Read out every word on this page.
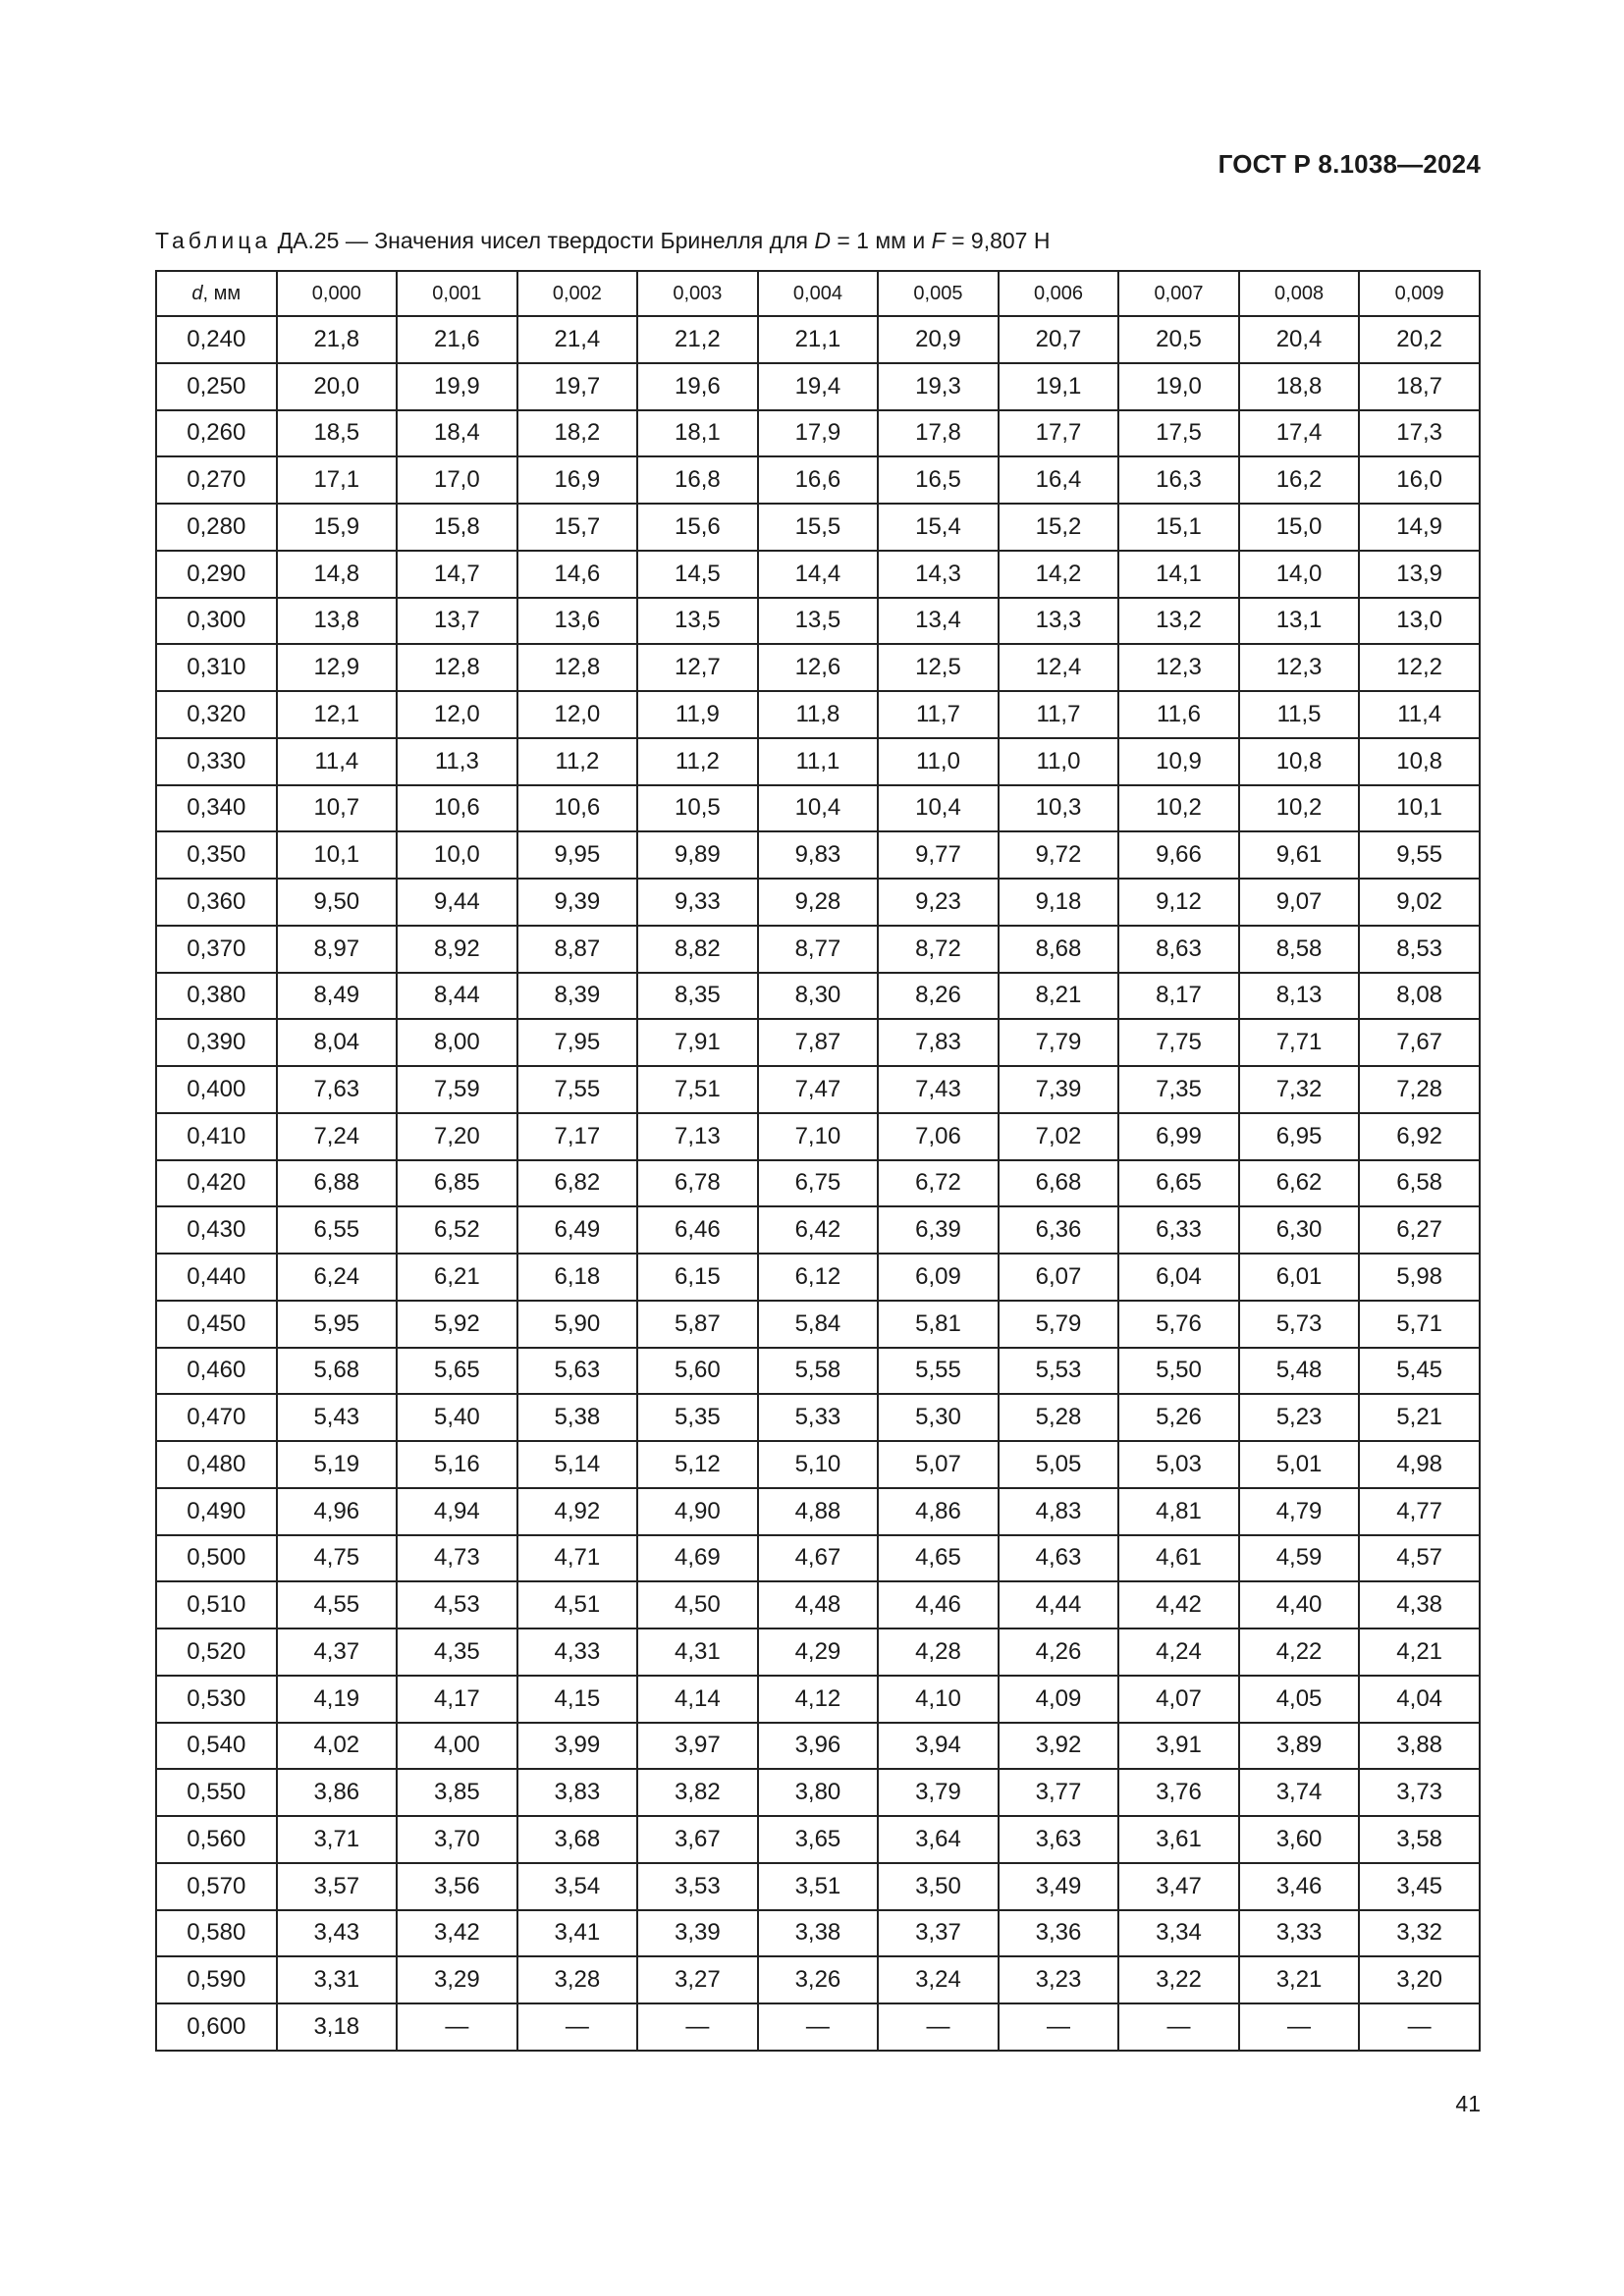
ГОСТ Р 8.1038—2024
Таблица ДА.25 — Значения чисел твердости Бринелля для D = 1 мм и F = 9,807 Н
d, мм	0,000	0,001	0,002	0,003	0,004	0,005	0,006	0,007	0,008	0,009
0,240	21,8	21,6	21,4	21,2	21,1	20,9	20,7	20,5	20,4	20,2
0,250	20,0	19,9	19,7	19,6	19,4	19,3	19,1	19,0	18,8	18,7
0,260	18,5	18,4	18,2	18,1	17,9	17,8	17,7	17,5	17,4	17,3
0,270	17,1	17,0	16,9	16,8	16,6	16,5	16,4	16,3	16,2	16,0
0,280	15,9	15,8	15,7	15,6	15,5	15,4	15,2	15,1	15,0	14,9
0,290	14,8	14,7	14,6	14,5	14,4	14,3	14,2	14,1	14,0	13,9
0,300	13,8	13,7	13,6	13,5	13,5	13,4	13,3	13,2	13,1	13,0
0,310	12,9	12,8	12,8	12,7	12,6	12,5	12,4	12,3	12,3	12,2
0,320	12,1	12,0	12,0	11,9	11,8	11,7	11,7	11,6	11,5	11,4
0,330	11,4	11,3	11,2	11,2	11,1	11,0	11,0	10,9	10,8	10,8
0,340	10,7	10,6	10,6	10,5	10,4	10,4	10,3	10,2	10,2	10,1
0,350	10,1	10,0	9,95	9,89	9,83	9,77	9,72	9,66	9,61	9,55
0,360	9,50	9,44	9,39	9,33	9,28	9,23	9,18	9,12	9,07	9,02
0,370	8,97	8,92	8,87	8,82	8,77	8,72	8,68	8,63	8,58	8,53
0,380	8,49	8,44	8,39	8,35	8,30	8,26	8,21	8,17	8,13	8,08
0,390	8,04	8,00	7,95	7,91	7,87	7,83	7,79	7,75	7,71	7,67
0,400	7,63	7,59	7,55	7,51	7,47	7,43	7,39	7,35	7,32	7,28
0,410	7,24	7,20	7,17	7,13	7,10	7,06	7,02	6,99	6,95	6,92
0,420	6,88	6,85	6,82	6,78	6,75	6,72	6,68	6,65	6,62	6,58
0,430	6,55	6,52	6,49	6,46	6,42	6,39	6,36	6,33	6,30	6,27
0,440	6,24	6,21	6,18	6,15	6,12	6,09	6,07	6,04	6,01	5,98
0,450	5,95	5,92	5,90	5,87	5,84	5,81	5,79	5,76	5,73	5,71
0,460	5,68	5,65	5,63	5,60	5,58	5,55	5,53	5,50	5,48	5,45
0,470	5,43	5,40	5,38	5,35	5,33	5,30	5,28	5,26	5,23	5,21
0,480	5,19	5,16	5,14	5,12	5,10	5,07	5,05	5,03	5,01	4,98
0,490	4,96	4,94	4,92	4,90	4,88	4,86	4,83	4,81	4,79	4,77
0,500	4,75	4,73	4,71	4,69	4,67	4,65	4,63	4,61	4,59	4,57
0,510	4,55	4,53	4,51	4,50	4,48	4,46	4,44	4,42	4,40	4,38
0,520	4,37	4,35	4,33	4,31	4,29	4,28	4,26	4,24	4,22	4,21
0,530	4,19	4,17	4,15	4,14	4,12	4,10	4,09	4,07	4,05	4,04
0,540	4,02	4,00	3,99	3,97	3,96	3,94	3,92	3,91	3,89	3,88
0,550	3,86	3,85	3,83	3,82	3,80	3,79	3,77	3,76	3,74	3,73
0,560	3,71	3,70	3,68	3,67	3,65	3,64	3,63	3,61	3,60	3,58
0,570	3,57	3,56	3,54	3,53	3,51	3,50	3,49	3,47	3,46	3,45
0,580	3,43	3,42	3,41	3,39	3,38	3,37	3,36	3,34	3,33	3,32
0,590	3,31	3,29	3,28	3,27	3,26	3,24	3,23	3,22	3,21	3,20
0,600	3,18	—	—	—	—	—	—	—	—	—
41
